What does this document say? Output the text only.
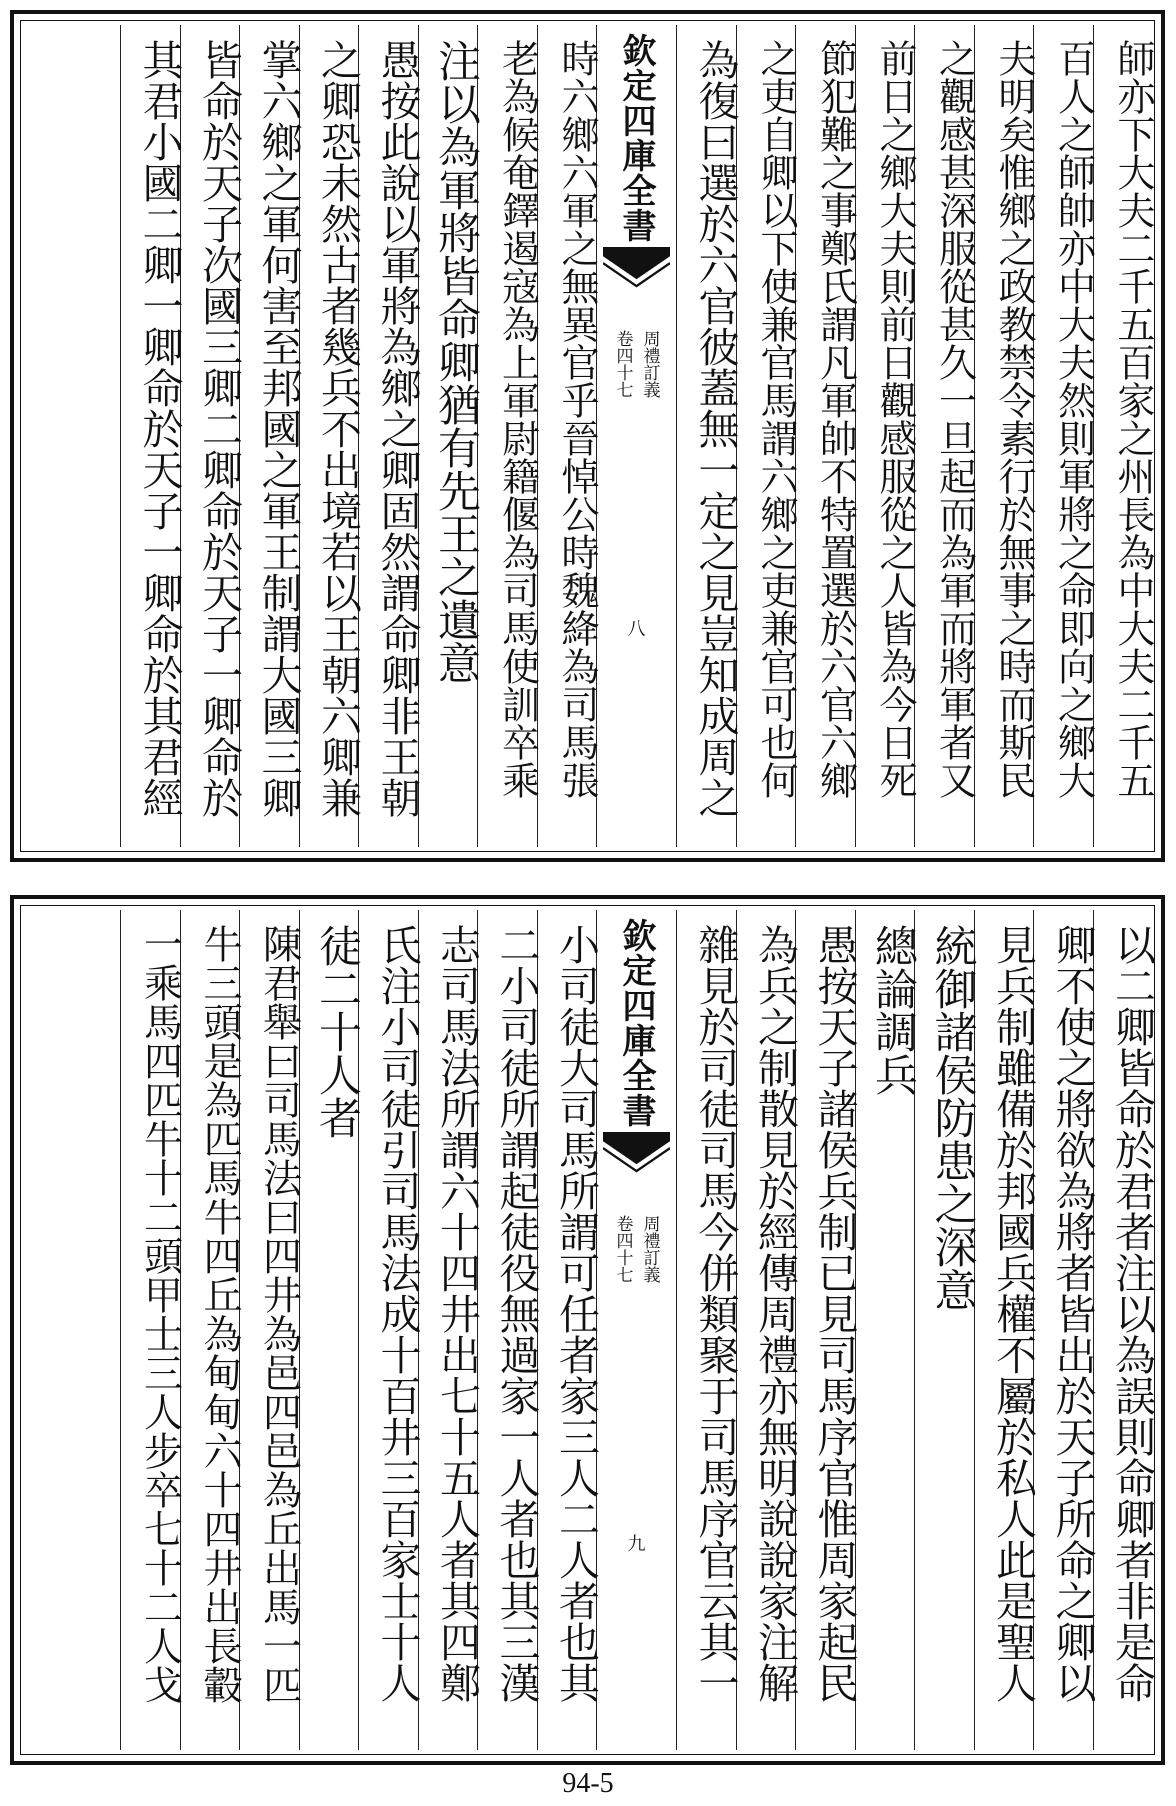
師亦下大夫二千五百家之州長為中大夫二千五
百人之師帥亦中大夫然則軍將之命即向之鄉大
夫明矣惟鄉之政教禁令素行於無事之時而斯民
之觀感甚深服從甚久一旦起而為軍而將軍者又
前日之鄉大夫則前日觀感服從之人皆為今日死
節犯難之事鄭氏謂凡軍帥不特置選於六官六鄉
之吏自卿以下使兼官馬謂六鄉之吏兼官可也何
為復曰選於六官彼蓋無一定之見豈知成周之
欽定四庫全書
卷四十七 周禮訂義
八
時六鄉六軍之無異官乎晉悼公時魏絳為司馬張
老為候奄鐸遏寇為上軍尉籍偃為司馬使訓卒乘
注以為軍將皆命卿猶有先王之遺意
愚按此說以軍將為鄉之卿固然謂命卿非王朝
之卿恐未然古者幾兵不出境若以王朝六卿兼
掌六鄉之軍何害至邦國之軍王制謂大國三卿
皆命於天子次國三卿二卿命於天子一卿命於
其君小國二卿一卿命於天子一卿命於其君經
以二卿皆命於君者注以為誤則命卿者非是命
卿不使之將欲為將者皆出於天子所命之卿以
見兵制雖備於邦國兵權不屬於私人此是聖人
統御諸侯防患之深意
總論調兵
愚按天子諸侯兵制已見司馬序官惟周家起民
為兵之制散見於經傳周禮亦無明說說家注解
雜見於司徒司馬今併類聚于司馬序官云其一
欽定四庫全書
卷四十七 周禮訂義
九
小司徒大司馬所謂可任者家三人二人者也其
二小司徒所謂起徒役無過家一人者也其三漢
志司馬法所謂六十四井出七十五人者其四鄭
氏注小司徒引司馬法成十百井三百家士十人
徒二十人者
陳君舉曰司馬法曰四井為邑四邑為丘出馬一匹
牛三頭是為匹馬牛四丘為甸甸六十四井出長轂
一乘馬四匹牛十二頭甲士三人步卒七十二人戈
94-5
